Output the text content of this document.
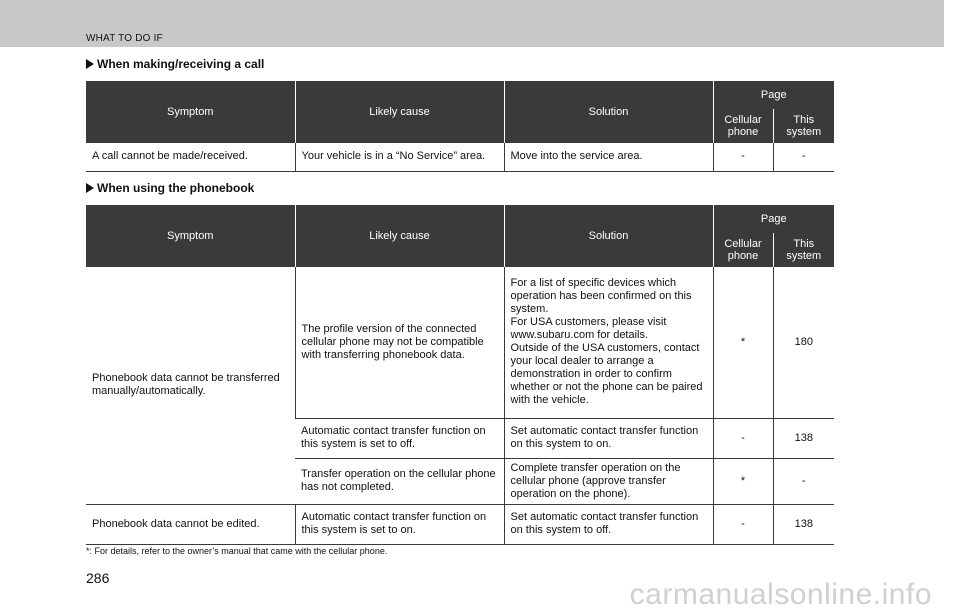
WHAT TO DO IF
When making/receiving a call
Symptom	Likely cause	Solution	Page	
			Cellular phone	This system
A call cannot be made/received.	Your vehicle is in a “No Service” area.	Move into the service area.	-	-
When using the phonebook
Symptom	Likely cause	Solution	Page	
			Cellular phone	This system
Phonebook data cannot be transferred manually/automatically.	The profile version of the connected cellular phone may not be compatible with transferring phonebook data.	For a list of specific devices which operation has been confirmed on this system.
For USA customers, please visit www.subaru.com for details.
Outside of the USA customers, contact your local dealer to arrange a demonstration in order to confirm whether or not the phone can be paired with the vehicle.	*	180
	Automatic contact transfer function on this system is set to off.	Set automatic contact transfer function on this system to on.	-	138
	Transfer operation on the cellular phone has not completed.	Complete transfer operation on the cellular phone (approve transfer operation on the phone).	*	-
Phonebook data cannot be edited.	Automatic contact transfer function on this system is set to on.	Set automatic contact transfer function on this system to off.	-	138
*: For details, refer to the owner’s manual that came with the cellular phone.
286	carmanualsonline.info
